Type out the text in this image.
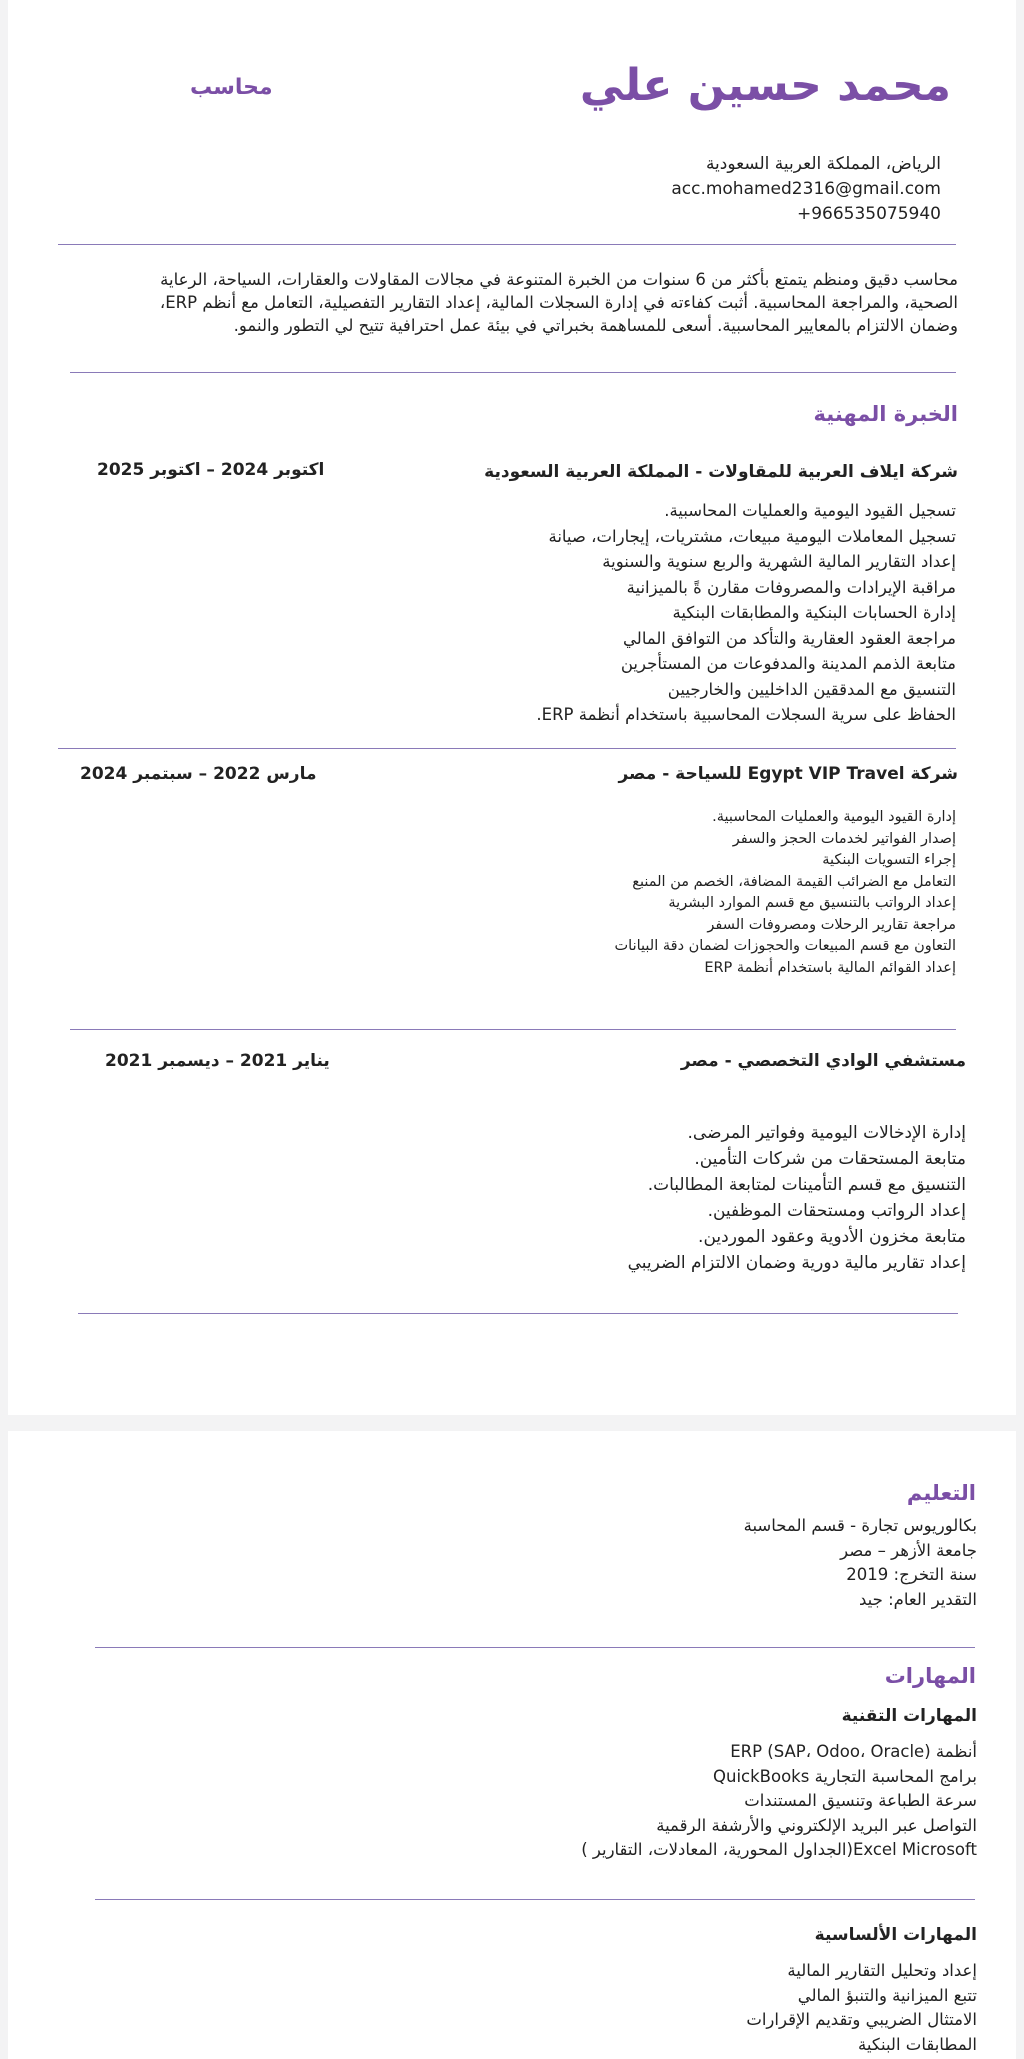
محمد حسين علي
محاسب
الرياض، المملكة العربية السعودية
acc.mohamed2316@gmail.com
+966535075940
محاسب دقيق ومنظم يتمتع بأكثر من 6 سنوات من الخبرة المتنوعة في مجالات المقاولات والعقارات، السياحة، الرعاية
الصحية، والمراجعة المحاسبية. أثبت كفاءته في إدارة السجلات المالية، إعداد التقارير التفصيلية، التعامل مع أنظم ERP،
وضمان الالتزام بالمعايير المحاسبية. أسعى للمساهمة بخبراتي في بيئة عمل احترافية تتيح لي التطور والنمو.
الخبرة المهنية
شركة ايلاف العربية للمقاولات - المملكة العربية السعودية
اكتوبر 2024 – اكتوبر 2025
تسجيل القيود اليومية والعمليات المحاسبية.
تسجيل المعاملات اليومية مبيعات، مشتريات، إيجارات، صيانة
إعداد التقارير المالية الشهرية والربع سنوية والسنوية
مراقبة الإيرادات والمصروفات مقارن ةً بالميزانية
إدارة الحسابات البنكية والمطابقات البنكية
مراجعة العقود العقارية والتأكد من التوافق المالي
متابعة الذمم المدينة والمدفوعات من المستأجرين
التنسيق مع المدققين الداخليين والخارجيين
الحفاظ على سرية السجلات المحاسبية باستخدام أنظمة ERP.
شركة Egypt VIP Travel للسياحة - مصر
مارس 2022 – سبتمبر 2024
إدارة القيود اليومية والعمليات المحاسبية.
إصدار الفواتير لخدمات الحجز والسفر
إجراء التسويات البنكية
التعامل مع الضرائب القيمة المضافة، الخصم من المنبع
إعداد الرواتب بالتنسيق مع قسم الموارد البشرية
مراجعة تقارير الرحلات ومصروفات السفر
التعاون مع قسم المبيعات والحجوزات لضمان دقة البيانات
إعداد القوائم المالية باستخدام أنظمة ERP
مستشفي الوادي التخصصي - مصر
يناير 2021 – ديسمبر 2021
إدارة الإدخالات اليومية وفواتير المرضى.
متابعة المستحقات من شركات التأمين.
التنسيق مع قسم التأمينات لمتابعة المطالبات.
إعداد الرواتب ومستحقات الموظفين.
متابعة مخزون الأدوية وعقود الموردين.
إعداد تقارير مالية دورية وضمان الالتزام الضريبي
التعليم
بكالوريوس تجارة - قسم المحاسبة
جامعة الأزهر – مصر
سنة التخرج: 2019
التقدير العام: جيد
المهارات
المهارات التقنية
أنظمة ERP (SAP، Odoo، Oracle)
برامج المحاسبة التجارية QuickBooks
سرعة الطباعة وتنسيق المستندات
التواصل عبر البريد الإلكتروني والأرشفة الرقمية
Excel Microsoft(الجداول المحورية، المعادلات، التقارير )
المهارات الألساسية
إعداد وتحليل التقارير المالية
تتبع الميزانية والتنبؤ المالي
الامتثال الضريبي وتقديم الإقرارات
المطابقات البنكية
